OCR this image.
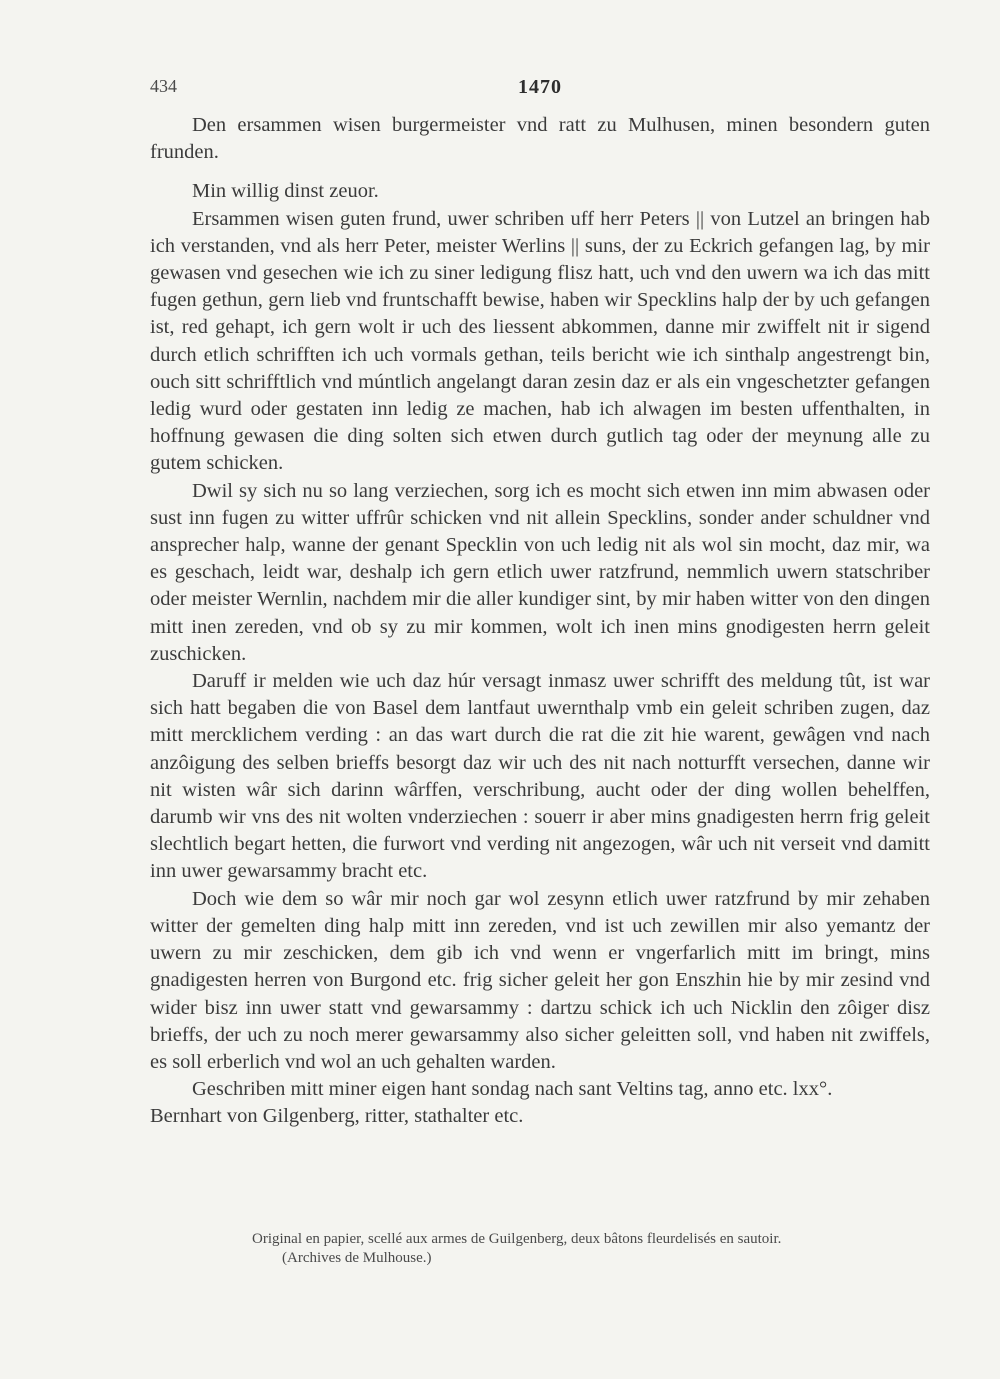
434	1470

Den ersammen wisen burgermeister vnd ratt zu Mulhusen, minen besondern guten frunden.

Min willig dinst zeuor.

Ersammen wisen guten frund, uwer schriben uff herr Peters || von Lutzel an bringen hab ich verstanden, vnd als herr Peter, meister Werlins || suns, der zu Eckrich gefangen lag, by mir gewasen vnd gesechen wie ich zu siner ledigung flisz hatt, uch vnd den uwern wa ich das mitt fugen gethun, gern lieb vnd fruntschafft bewise, haben wir Specklins halp der by uch gefangen ist, red gehapt, ich gern wolt ir uch des liessent abkommen, danne mir zwiffelt nit ir sigend durch etlich schrifften ich uch vormals gethan, teils bericht wie ich sinthalp angestrengt bin, ouch sitt schrifftlich vnd múntlich angelangt daran zesin daz er als ein vngeschetzter gefangen ledig wurd oder gestaten inn ledig ze machen, hab ich alwagen im besten uffenthalten, in hoffnung gewasen die ding solten sich etwen durch gutlich tag oder der meynung alle zu gutem schicken.

Dwil sy sich nu so lang verziechen, sorg ich es mocht sich etwen inn mim abwasen oder sust inn fugen zu witter uffrûr schicken vnd nit allein Specklins, sonder ander schuldner vnd ansprecher halp, wanne der genant Specklin von uch ledig nit als wol sin mocht, daz mir, wa es geschach, leidt war, deshalp ich gern etlich uwer ratzfrund, nemmlich uwern statschriber oder meister Wernlin, nachdem mir die aller kundiger sint, by mir haben witter von den dingen mitt inen zereden, vnd ob sy zu mir kommen, wolt ich inen mins gnodigesten herrn geleit zuschicken.

Daruff ir melden wie uch daz húr versagt inmasz uwer schrifft des meldung tût, ist war sich hatt begaben die von Basel dem lantfaut uwernthalp vmb ein geleit schriben zugen, daz mitt mercklichem verding : an das wart durch die rat die zit hie warent, gewâgen vnd nach anzôigung des selben brieffs besorgt daz wir uch des nit nach notturfft versechen, danne wir nit wisten wâr sich darinn wârffen, verschribung, aucht oder der ding wollen behelffen, darumb wir vns des nit wolten vnderziechen : souerr ir aber mins gnadigesten herrn frig geleit slechtlich begart hetten, die furwort vnd verding nit angezogen, wâr uch nit verseit vnd damitt inn uwer gewarsammy bracht etc.

Doch wie dem so wâr mir noch gar wol zesynn etlich uwer ratzfrund by mir zehaben witter der gemelten ding halp mitt inn zereden, vnd ist uch zewillen mir also yemantz der uwern zu mir zeschicken, dem gib ich vnd wenn er vngerfarlich mitt im bringt, mins gnadigesten herren von Burgond etc. frig sicher geleit her gon Enszhin hie by mir zesind vnd wider bisz inn uwer statt vnd gewarsammy : dartzu schick ich uch Nicklin den zôiger disz brieffs, der uch zu noch merer gewarsammy also sicher geleitten soll, vnd haben nit zwiffels, es soll erberlich vnd wol an uch gehalten warden.

Geschriben mitt miner eigen hant sondag nach sant Veltins tag, anno etc. lxx°.

Bernhart von Gilgenberg, ritter, stathalter etc.

Original en papier, scellé aux armes de Guilgenberg, deux bâtons fleurdelisés en sautoir.

(Archives de Mulhouse.)
